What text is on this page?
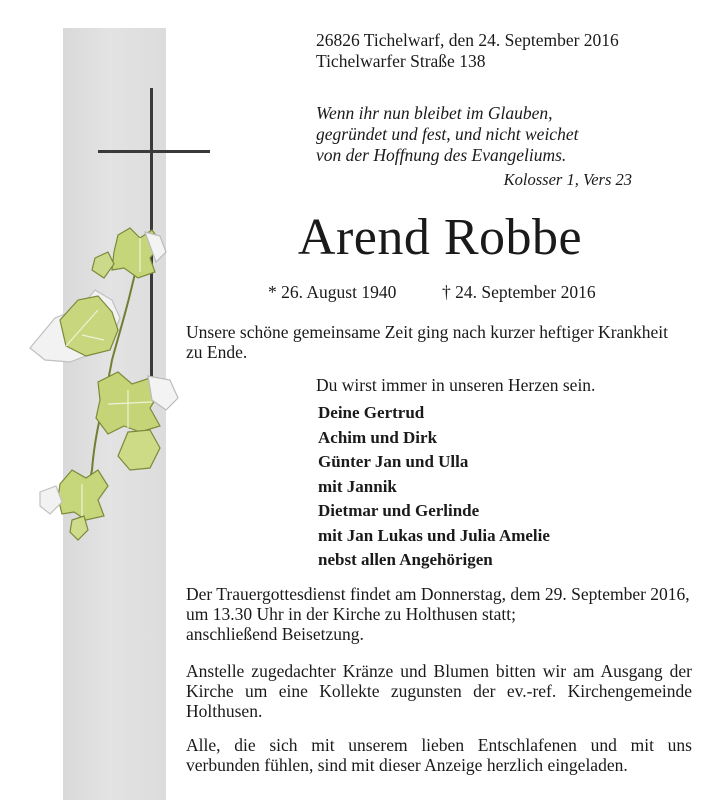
26826 Tichelwarf, den 24. September 2016
Tichelwarfer Straße 138
Wenn ihr nun bleibet im Glauben,
gegründet und fest, und nicht weichet
von der Hoffnung des Evangeliums.
Kolosser 1, Vers 23
Arend Robbe
* 26. August 1940	† 24. September 2016
Unsere schöne gemeinsame Zeit ging nach kurzer heftiger Krankheit
zu Ende.
Du wirst immer in unseren Herzen sein.
Deine Gertrud
Achim und Dirk
Günter Jan und Ulla
mit Jannik
Dietmar und Gerlinde
mit Jan Lukas und Julia Amelie
nebst allen Angehörigen
Der Trauergottesdienst findet am Donnerstag, dem 29. September 2016,
um 13.30 Uhr in der Kirche zu Holthusen statt;
anschließend Beisetzung.
Anstelle zugedachter Kränze und Blumen bitten wir am Ausgang der
Kirche um eine Kollekte zugunsten der ev.-ref. Kirchengemeinde
Holthusen.
Alle, die sich mit unserem lieben Entschlafenen und mit uns
verbunden fühlen, sind mit dieser Anzeige herzlich eingeladen.
